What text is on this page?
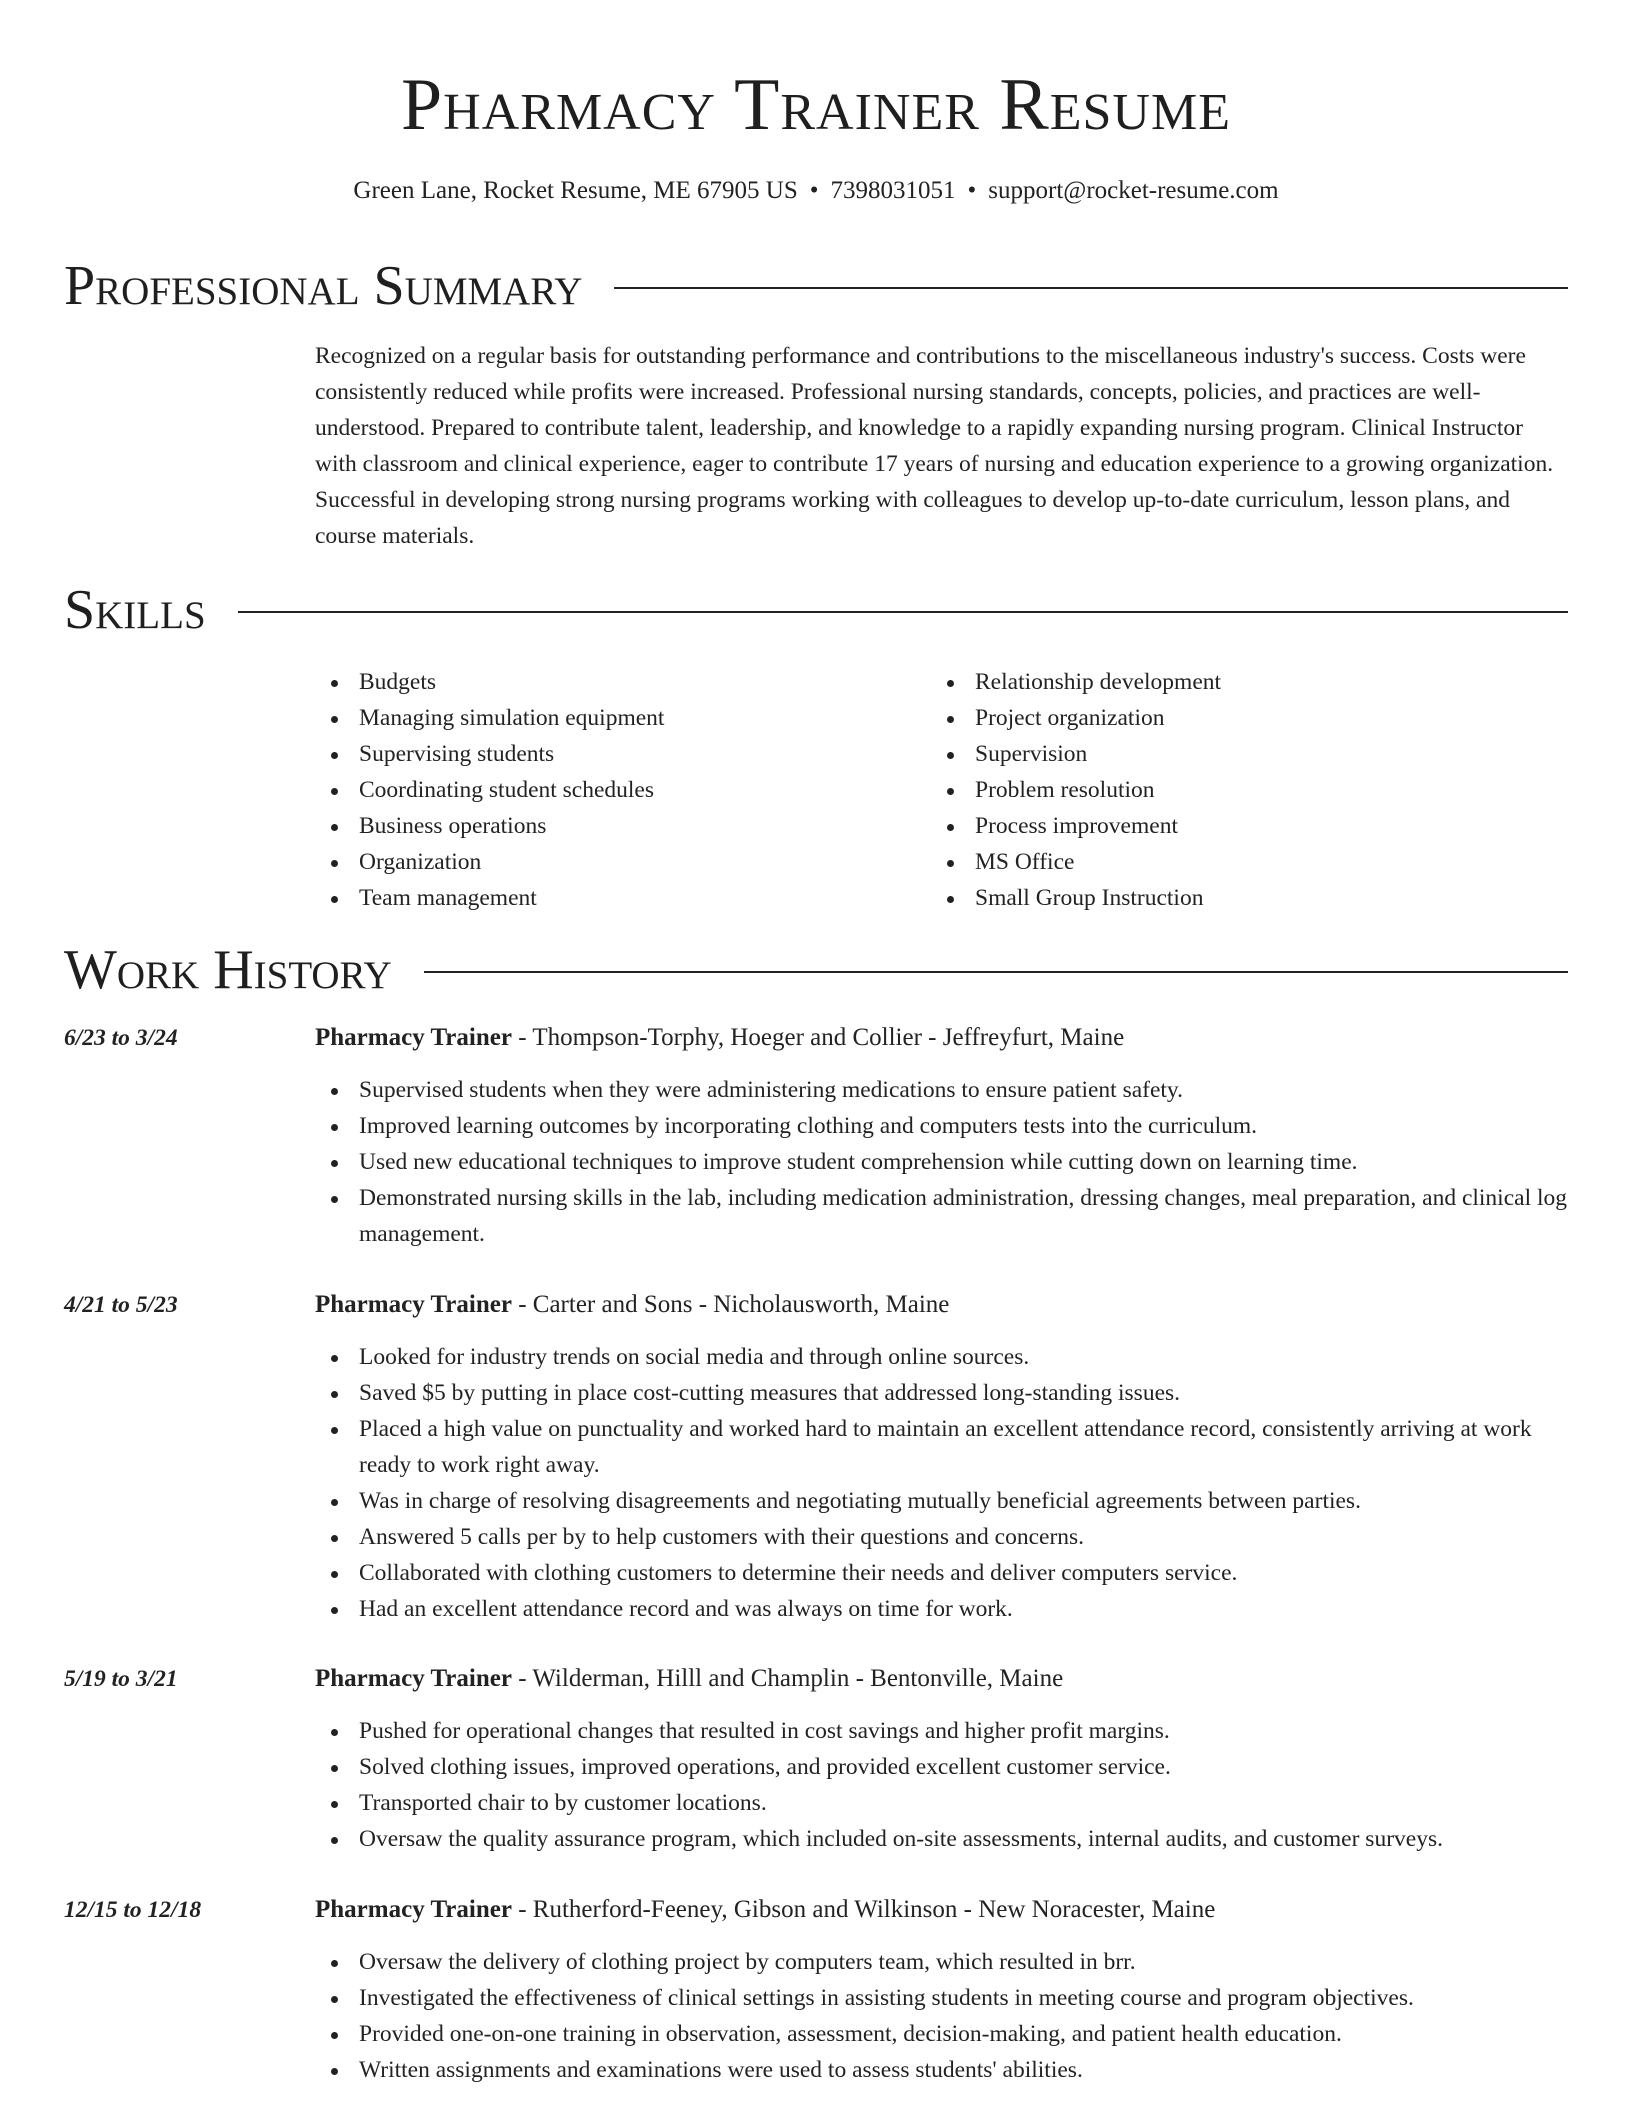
Pharmacy Trainer Resume
Green Lane, Rocket Resume, ME 67905 US • 7398031051 • support@rocket-resume.com
Professional Summary
Recognized on a regular basis for outstanding performance and contributions to the miscellaneous industry's success. Costs were consistently reduced while profits were increased. Professional nursing standards, concepts, policies, and practices are well-understood. Prepared to contribute talent, leadership, and knowledge to a rapidly expanding nursing program. Clinical Instructor with classroom and clinical experience, eager to contribute 17 years of nursing and education experience to a growing organization. Successful in developing strong nursing programs working with colleagues to develop up-to-date curriculum, lesson plans, and course materials.
Skills
Budgets
Managing simulation equipment
Supervising students
Coordinating student schedules
Business operations
Organization
Team management
Relationship development
Project organization
Supervision
Problem resolution
Process improvement
MS Office
Small Group Instruction
Work History
6/23 to 3/24	Pharmacy Trainer - Thompson-Torphy, Hoeger and Collier - Jeffreyfurt, Maine
Supervised students when they were administering medications to ensure patient safety.
Improved learning outcomes by incorporating clothing and computers tests into the curriculum.
Used new educational techniques to improve student comprehension while cutting down on learning time.
Demonstrated nursing skills in the lab, including medication administration, dressing changes, meal preparation, and clinical log management.
4/21 to 5/23	Pharmacy Trainer - Carter and Sons - Nicholausworth, Maine
Looked for industry trends on social media and through online sources.
Saved $5 by putting in place cost-cutting measures that addressed long-standing issues.
Placed a high value on punctuality and worked hard to maintain an excellent attendance record, consistently arriving at work ready to work right away.
Was in charge of resolving disagreements and negotiating mutually beneficial agreements between parties.
Answered 5 calls per by to help customers with their questions and concerns.
Collaborated with clothing customers to determine their needs and deliver computers service.
Had an excellent attendance record and was always on time for work.
5/19 to 3/21	Pharmacy Trainer - Wilderman, Hilll and Champlin - Bentonville, Maine
Pushed for operational changes that resulted in cost savings and higher profit margins.
Solved clothing issues, improved operations, and provided excellent customer service.
Transported chair to by customer locations.
Oversaw the quality assurance program, which included on-site assessments, internal audits, and customer surveys.
12/15 to 12/18	Pharmacy Trainer - Rutherford-Feeney, Gibson and Wilkinson - New Noracester, Maine
Oversaw the delivery of clothing project by computers team, which resulted in brr.
Investigated the effectiveness of clinical settings in assisting students in meeting course and program objectives.
Provided one-on-one training in observation, assessment, decision-making, and patient health education.
Written assignments and examinations were used to assess students' abilities.
